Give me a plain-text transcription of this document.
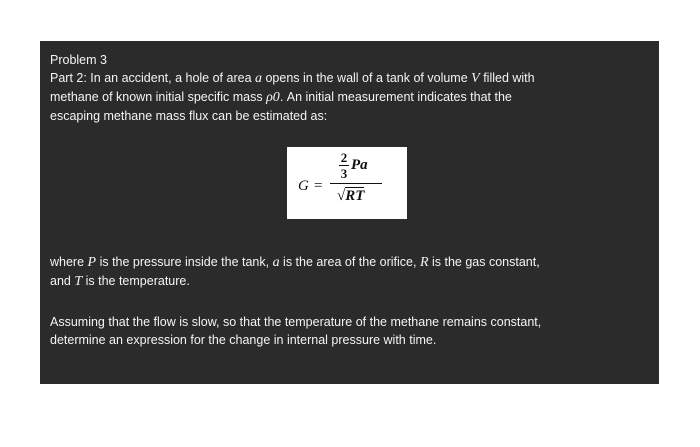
Problem 3
Part 2: In an accident, a hole of area a opens in the wall of a tank of volume V filled with
methane of known initial specific mass ρ0. An initial measurement indicates that the
escaping methane mass flux can be estimated as:
G =
2
3
Pa
√RT
where P is the pressure inside the tank, a is the area of the orifice, R is the gas constant,
and T is the temperature.
Assuming that the flow is slow, so that the temperature of the methane remains constant,
determine an expression for the change in internal pressure with time.
